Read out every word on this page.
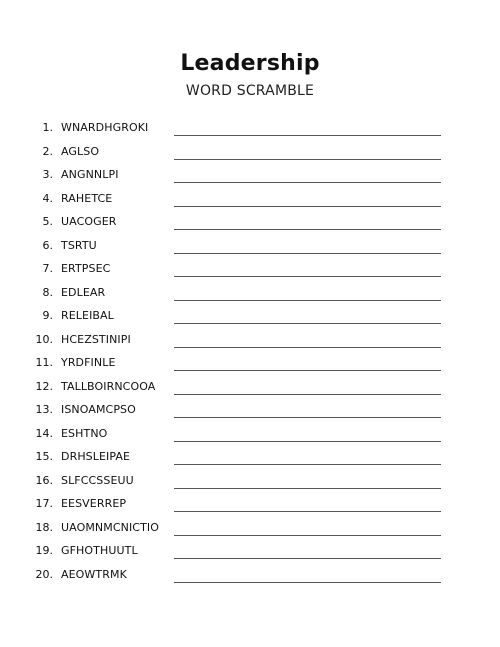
Leadership
WORD SCRAMBLE
1. WNARDHGROKI
2. AGLSO
3. ANGNNLPI
4. RAHETCE
5. UACOGER
6. TSRTU
7. ERTPSEC
8. EDLEAR
9. RELEIBAL
10. HCEZSTINIPI
11. YRDFINLE
12. TALLBOIRNCOOA
13. ISNOAMCPSO
14. ESHTNO
15. DRHSLEIPAE
16. SLFCCSSEUU
17. EESVERREP
18. UAOMNMCNICTIO
19. GFHOTHUUTL
20. AEOWTRMK
